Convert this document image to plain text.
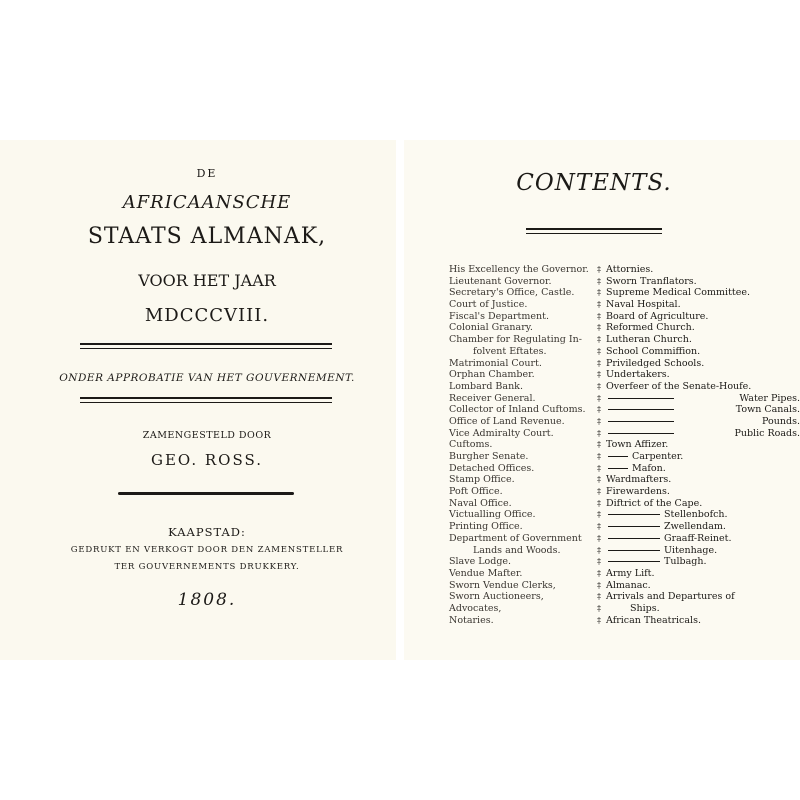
DE
AFRICAANSCHE
STAATS ALMANAK,
VOOR HET JAAR
MDCCCVIII.
ONDER APPROBATIE VAN HET GOUVERNEMENT.
ZAMENGESTELD DOOR
GEO. ROSS.
KAAPSTAD:
GEDRUKT EN VERKOGT DOOR DEN ZAMENSTELLER
TER GOUVERNEMENTS DRUKKERY.
1808.
CONTENTS.
His Excellency the Governor.
Lieutenant Governor.
Secretary's Office, Castle.
Court of Justice.
Fiscal's Department.
Colonial Granary.
Chamber for Regulating In-
folvent Eftates.
Matrimonial Court.
Orphan Chamber.
Lombard Bank.
Receiver General.
Collector of Inland Cuftoms.
Office of Land Revenue.
Vice Admiralty Court.
Cuftoms.
Burgher Senate.
Detached Offices.
Stamp Office.
Poft Office.
Naval Office.
Victualling Office.
Printing Office.
Department of Government
Lands and Woods.
Slave Lodge.
Vendue Mafter.
Sworn Vendue Clerks,
Sworn Auctioneers,
Advocates,
Notaries.
‡
‡
‡
‡
‡
‡
‡
‡
‡
‡
‡
‡
‡
‡
‡
‡
‡
‡
‡
‡
‡
‡
‡
‡
‡
‡
‡
‡
‡
‡
‡
Attornies.
Sworn Tranflators.
Supreme Medical Committee.
Naval Hospital.
Board of Agriculture.
Reformed Church.
Lutheran Church.
School Commiffion.
Priviledged Schools.
Undertakers.
Overfeer of the Senate-Houfe.
Water Pipes.
Town Canals.
Pounds.
Public Roads.
Town Affizer.
Carpenter.
Mafon.
Wardmafters.
Firewardens.
Diftrict of the Cape.
Stellenbofch.
Zwellendam.
Graaff-Reinet.
Uitenhage.
Tulbagh.
Army Lift.
Almanac.
Arrivals and Departures of
Ships.
African Theatricals.
